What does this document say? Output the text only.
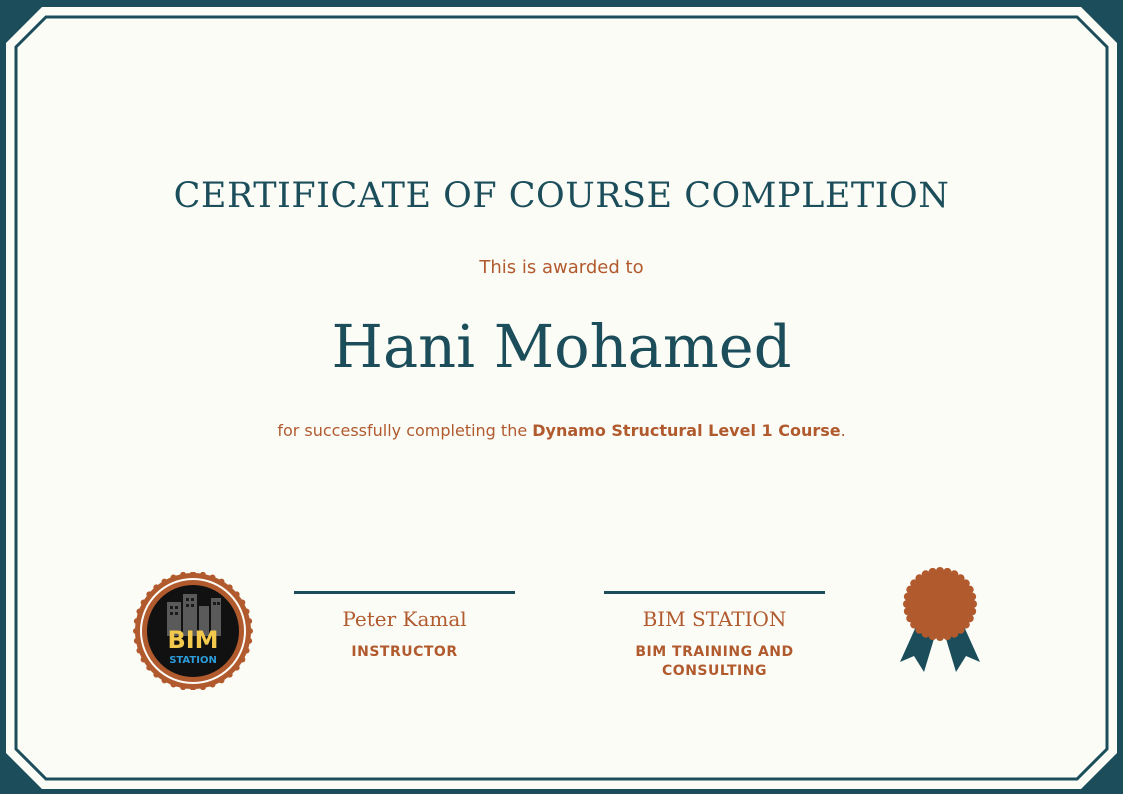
CERTIFICATE OF COURSE COMPLETION
This is awarded to
Hani Mohamed
for successfully completing the Dynamo Structural Level 1 Course.
BIM
STATION
Peter Kamal
INSTRUCTOR
BIM STATION
BIM TRAINING AND
CONSULTING
